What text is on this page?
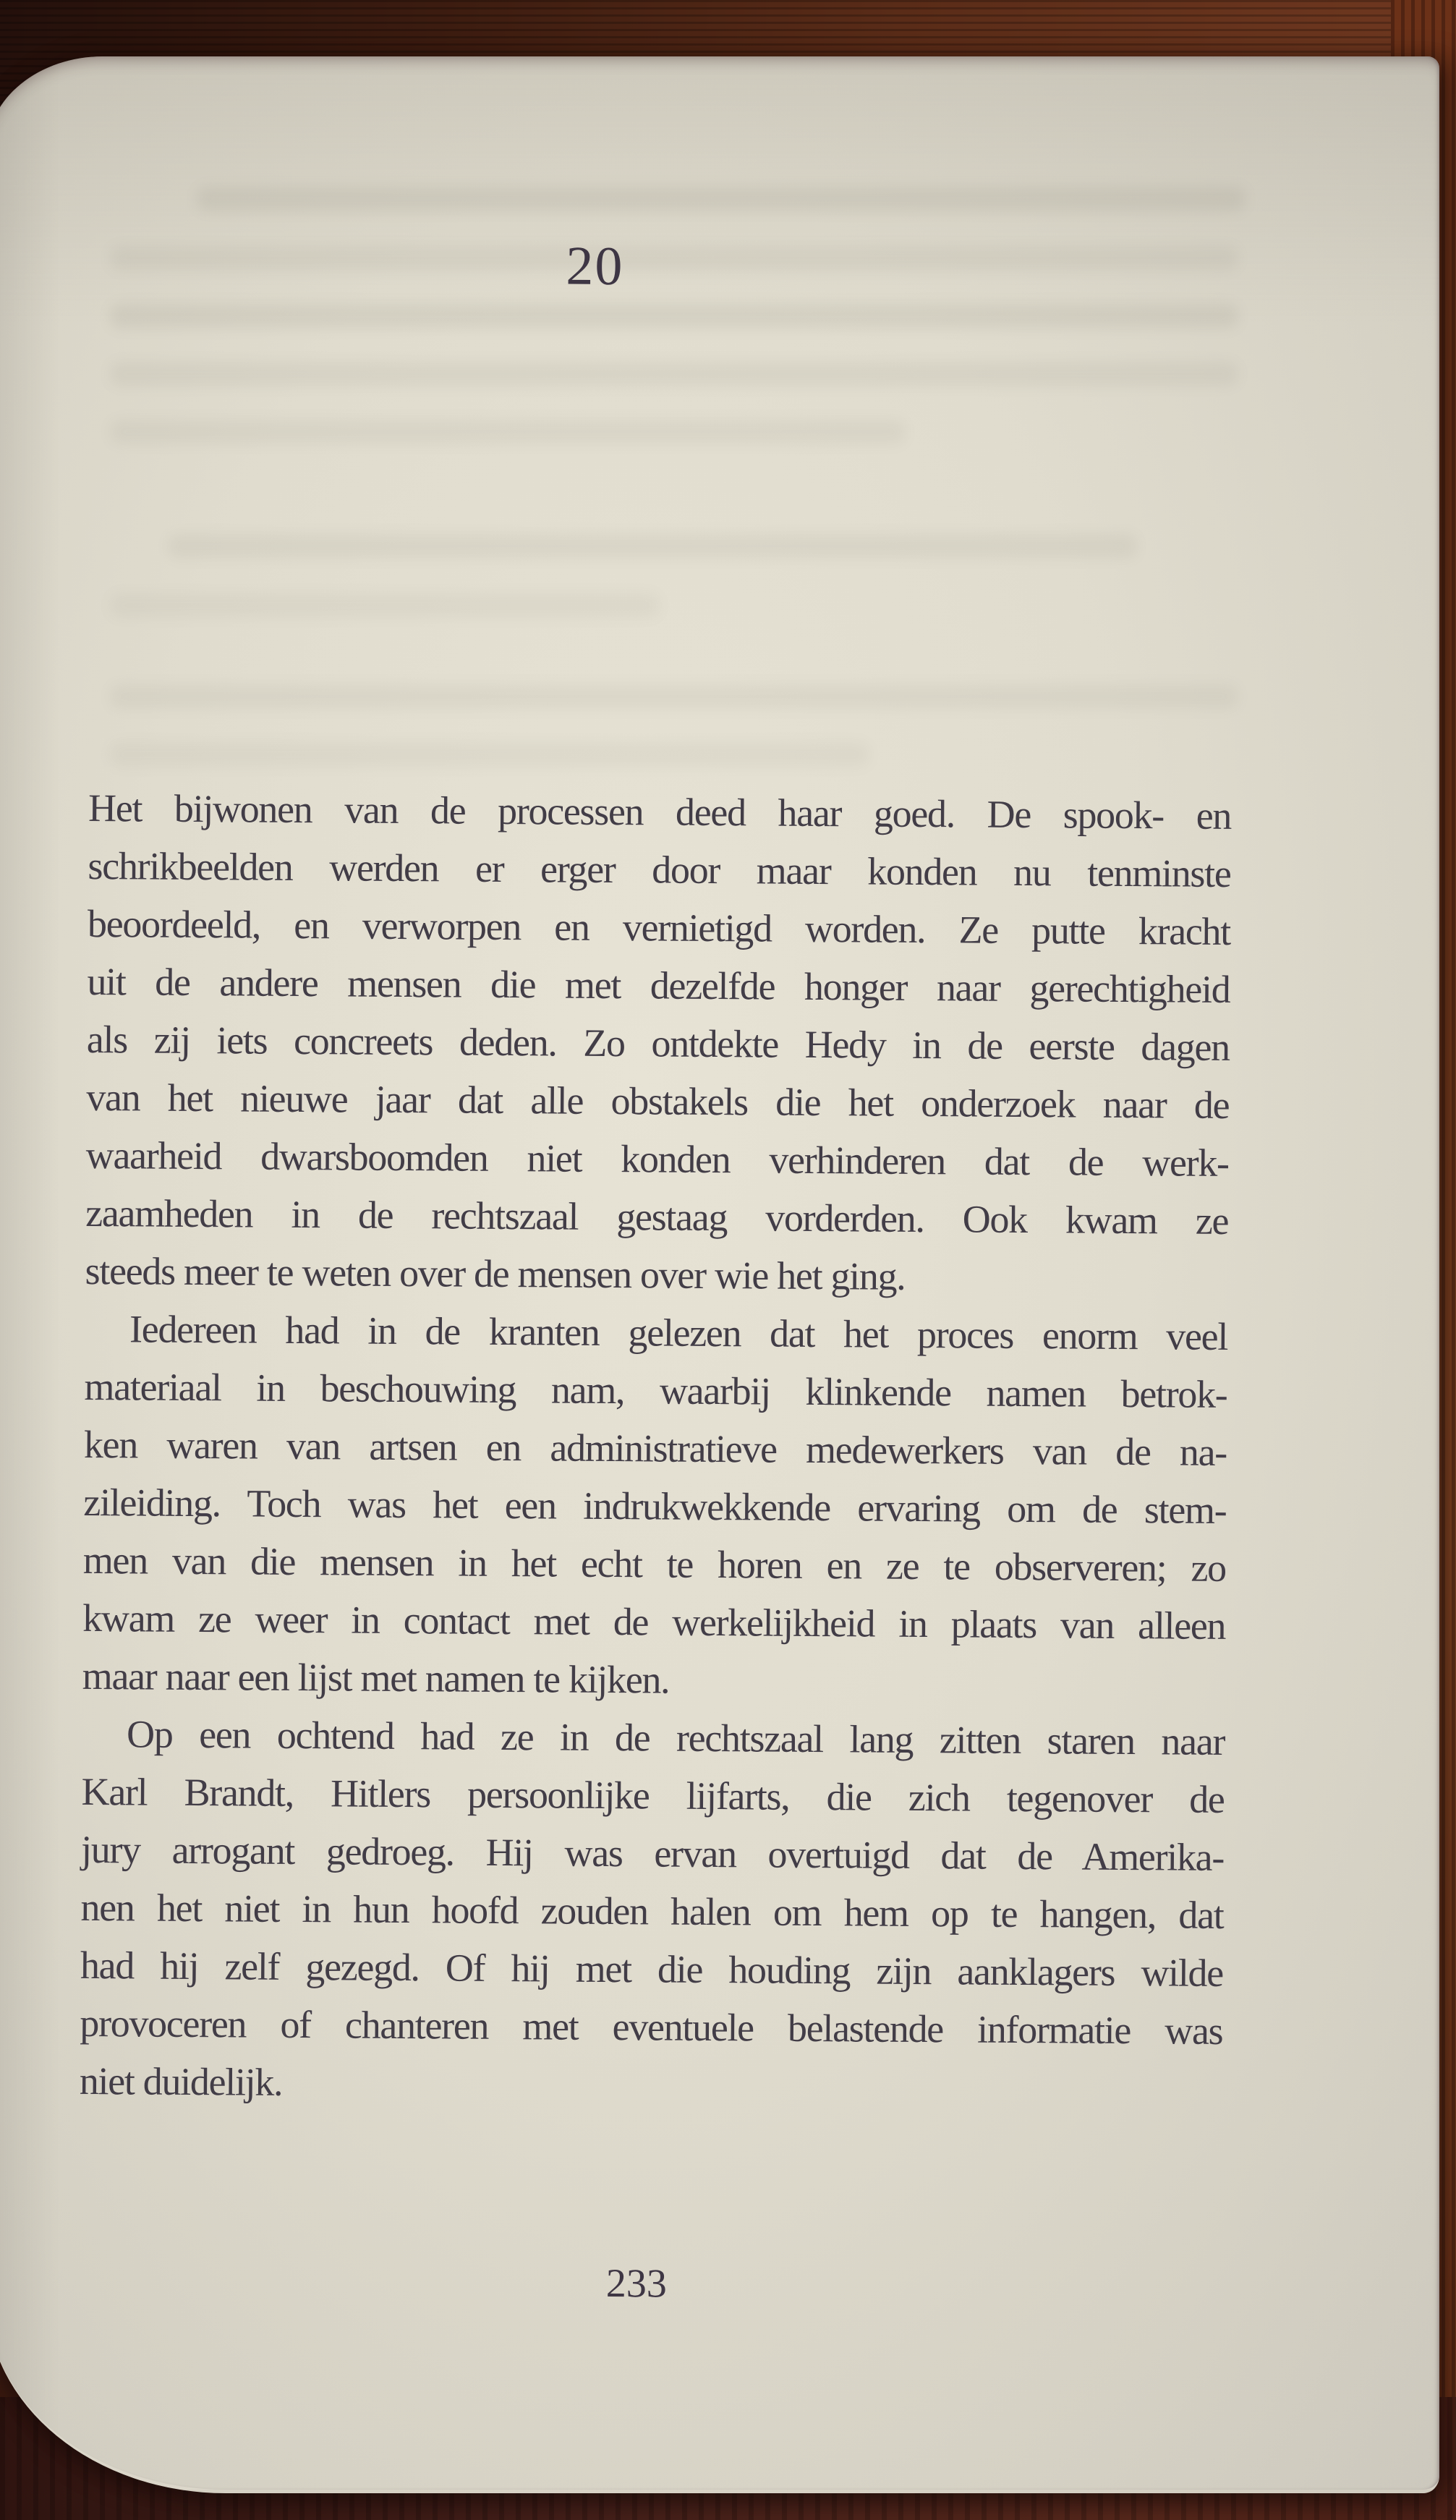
20
Het bijwonen van de processen deed haar goed. De spook- en
schrikbeelden werden er erger door maar konden nu tenminste
beoordeeld, en verworpen en vernietigd worden. Ze putte kracht
uit de andere mensen die met dezelfde honger naar gerechtigheid
als zij iets concreets deden. Zo ontdekte Hedy in de eerste dagen
van het nieuwe jaar dat alle obstakels die het onderzoek naar de
waarheid dwarsboomden niet konden verhinderen dat de werk-
zaamheden in de rechtszaal gestaag vorderden. Ook kwam ze
steeds meer te weten over de mensen over wie het ging.
Iedereen had in de kranten gelezen dat het proces enorm veel
materiaal in beschouwing nam, waarbij klinkende namen betrok-
ken waren van artsen en administratieve medewerkers van de na-
zileiding. Toch was het een indrukwekkende ervaring om de stem-
men van die mensen in het echt te horen en ze te observeren; zo
kwam ze weer in contact met de werkelijkheid in plaats van alleen
maar naar een lijst met namen te kijken.
Op een ochtend had ze in de rechtszaal lang zitten staren naar
Karl Brandt, Hitlers persoonlijke lijfarts, die zich tegenover de
jury arrogant gedroeg. Hij was ervan overtuigd dat de Amerika-
nen het niet in hun hoofd zouden halen om hem op te hangen, dat
had hij zelf gezegd. Of hij met die houding zijn aanklagers wilde
provoceren of chanteren met eventuele belastende informatie was
niet duidelijk.
233
